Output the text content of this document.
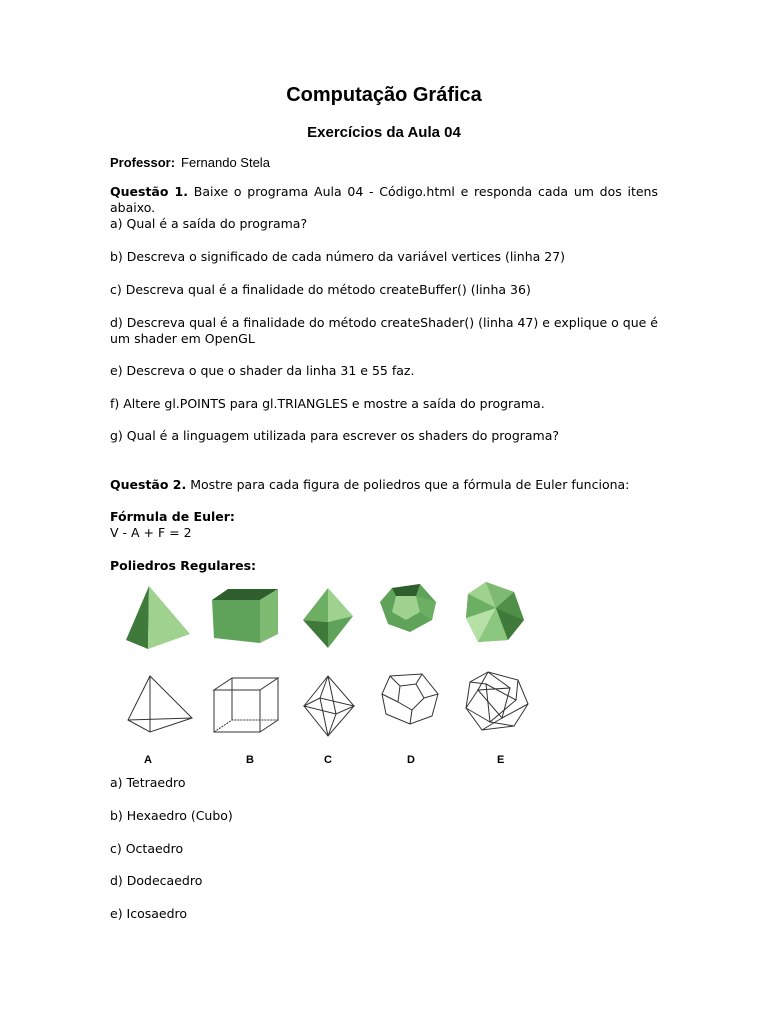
Computação Gráfica
Exercícios da Aula 04
Professor: Fernando Stela
Questão 1. Baixe o programa Aula 04 - Código.html e responda cada um dos itens abaixo.
a) Qual é a saída do programa?
b) Descreva o significado de cada número da variável vertices (linha 27)
c) Descreva qual é a finalidade do método createBuffer() (linha 36)
d) Descreva qual é a finalidade do método createShader() (linha 47) e explique o que é um shader em OpenGL
e) Descreva o que o shader da linha 31 e 55 faz.
f) Altere gl.POINTS para gl.TRIANGLES e mostre a saída do programa.
g) Qual é a linguagem utilizada para escrever os shaders do programa?
Questão 2. Mostre para cada figura de poliedros que a fórmula de Euler funciona:
Fórmula de Euler:
V - A + F = 2
Poliedros Regulares:
A	B	C	D	E
a) Tetraedro
b) Hexaedro (Cubo)
c) Octaedro
d) Dodecaedro
e) Icosaedro
